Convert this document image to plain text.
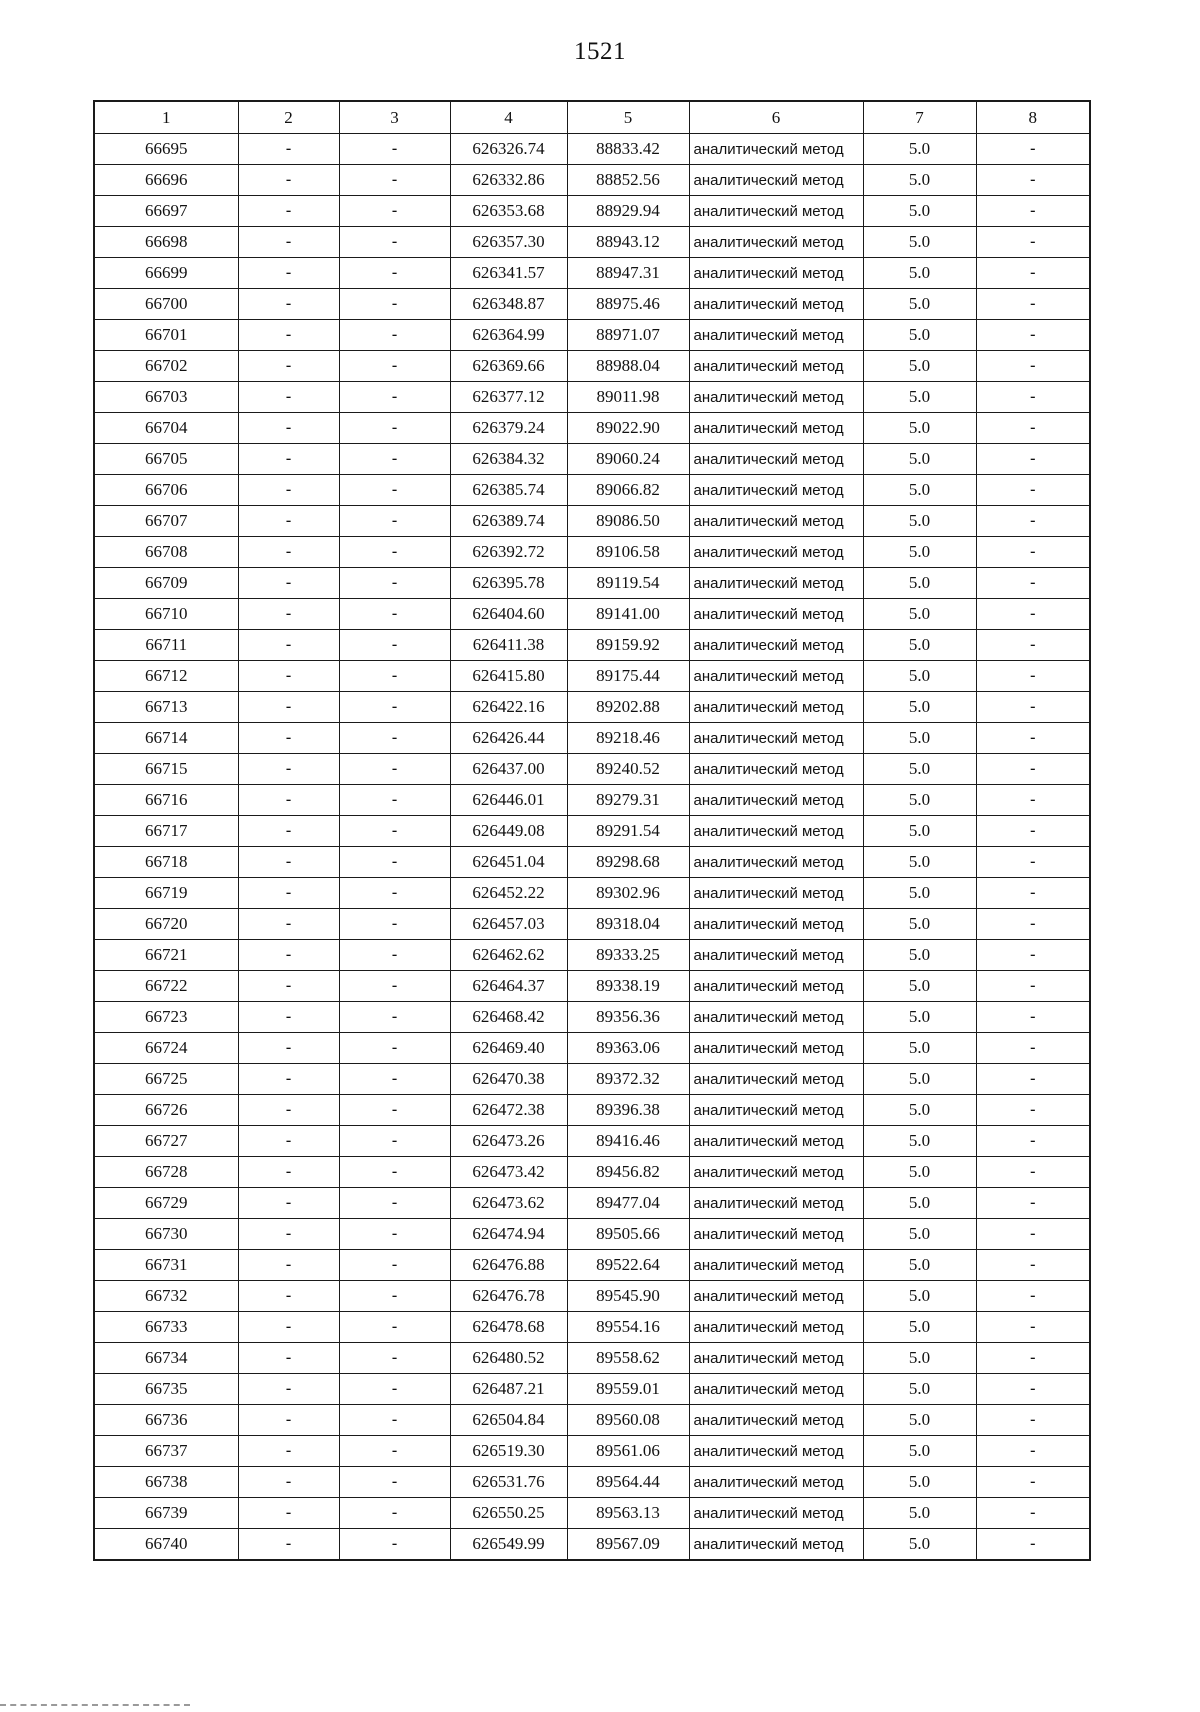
1521
1	2	3	4	5	6	7	8
66695	-	-	626326.74	88833.42	аналитический метод	5.0	-
66696	-	-	626332.86	88852.56	аналитический метод	5.0	-
66697	-	-	626353.68	88929.94	аналитический метод	5.0	-
66698	-	-	626357.30	88943.12	аналитический метод	5.0	-
66699	-	-	626341.57	88947.31	аналитический метод	5.0	-
66700	-	-	626348.87	88975.46	аналитический метод	5.0	-
66701	-	-	626364.99	88971.07	аналитический метод	5.0	-
66702	-	-	626369.66	88988.04	аналитический метод	5.0	-
66703	-	-	626377.12	89011.98	аналитический метод	5.0	-
66704	-	-	626379.24	89022.90	аналитический метод	5.0	-
66705	-	-	626384.32	89060.24	аналитический метод	5.0	-
66706	-	-	626385.74	89066.82	аналитический метод	5.0	-
66707	-	-	626389.74	89086.50	аналитический метод	5.0	-
66708	-	-	626392.72	89106.58	аналитический метод	5.0	-
66709	-	-	626395.78	89119.54	аналитический метод	5.0	-
66710	-	-	626404.60	89141.00	аналитический метод	5.0	-
66711	-	-	626411.38	89159.92	аналитический метод	5.0	-
66712	-	-	626415.80	89175.44	аналитический метод	5.0	-
66713	-	-	626422.16	89202.88	аналитический метод	5.0	-
66714	-	-	626426.44	89218.46	аналитический метод	5.0	-
66715	-	-	626437.00	89240.52	аналитический метод	5.0	-
66716	-	-	626446.01	89279.31	аналитический метод	5.0	-
66717	-	-	626449.08	89291.54	аналитический метод	5.0	-
66718	-	-	626451.04	89298.68	аналитический метод	5.0	-
66719	-	-	626452.22	89302.96	аналитический метод	5.0	-
66720	-	-	626457.03	89318.04	аналитический метод	5.0	-
66721	-	-	626462.62	89333.25	аналитический метод	5.0	-
66722	-	-	626464.37	89338.19	аналитический метод	5.0	-
66723	-	-	626468.42	89356.36	аналитический метод	5.0	-
66724	-	-	626469.40	89363.06	аналитический метод	5.0	-
66725	-	-	626470.38	89372.32	аналитический метод	5.0	-
66726	-	-	626472.38	89396.38	аналитический метод	5.0	-
66727	-	-	626473.26	89416.46	аналитический метод	5.0	-
66728	-	-	626473.42	89456.82	аналитический метод	5.0	-
66729	-	-	626473.62	89477.04	аналитический метод	5.0	-
66730	-	-	626474.94	89505.66	аналитический метод	5.0	-
66731	-	-	626476.88	89522.64	аналитический метод	5.0	-
66732	-	-	626476.78	89545.90	аналитический метод	5.0	-
66733	-	-	626478.68	89554.16	аналитический метод	5.0	-
66734	-	-	626480.52	89558.62	аналитический метод	5.0	-
66735	-	-	626487.21	89559.01	аналитический метод	5.0	-
66736	-	-	626504.84	89560.08	аналитический метод	5.0	-
66737	-	-	626519.30	89561.06	аналитический метод	5.0	-
66738	-	-	626531.76	89564.44	аналитический метод	5.0	-
66739	-	-	626550.25	89563.13	аналитический метод	5.0	-
66740	-	-	626549.99	89567.09	аналитический метод	5.0	-
